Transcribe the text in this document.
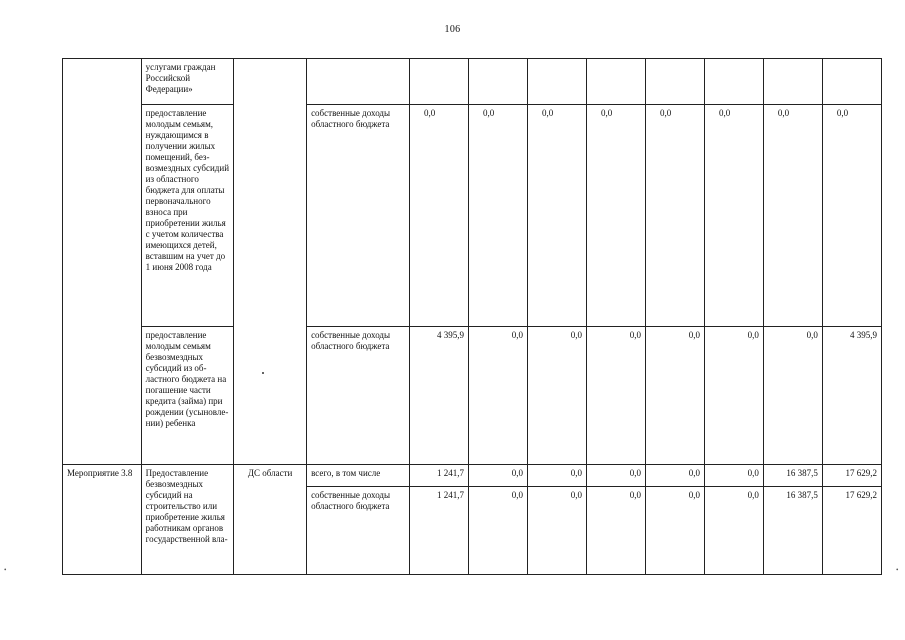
106
	услугами граждан Российской Федерации»	

	предоставление молодым семьям, нуждающимся в получении жилых помещений, безвозмездных субсидий из областного бюджета для оплаты первоначального взноса при приобретении жилья с учетом количества имеющихся детей, вставшим на учет до 1 июня 2008 года		собственные доходы областного бюджета	0,0	0,0	0,0	0,0	0,0	0,0	0,0	0,0
	предоставление молодым семьям безвозмездных субсидий из областного бюджета на погашение части кредита (займа) при рождении (усыновлении) ребенка		собственные доходы областного бюджета	4 395,9	0,0	0,0	0,0	0,0	0,0	0,0	4 395,9
Мероприятие 3.8	Предоставление безвозмездных субсидий на строительство или приобретение жилья работникам органов государственной вла-	ДС области	всего, в том числе	1 241,7	0,0	0,0	0,0	0,0	0,0	16 387,5	17 629,2
			собственные доходы областного бюджета	1 241,7	0,0	0,0	0,0	0,0	0,0	16 387,5	17 629,2
•	•
